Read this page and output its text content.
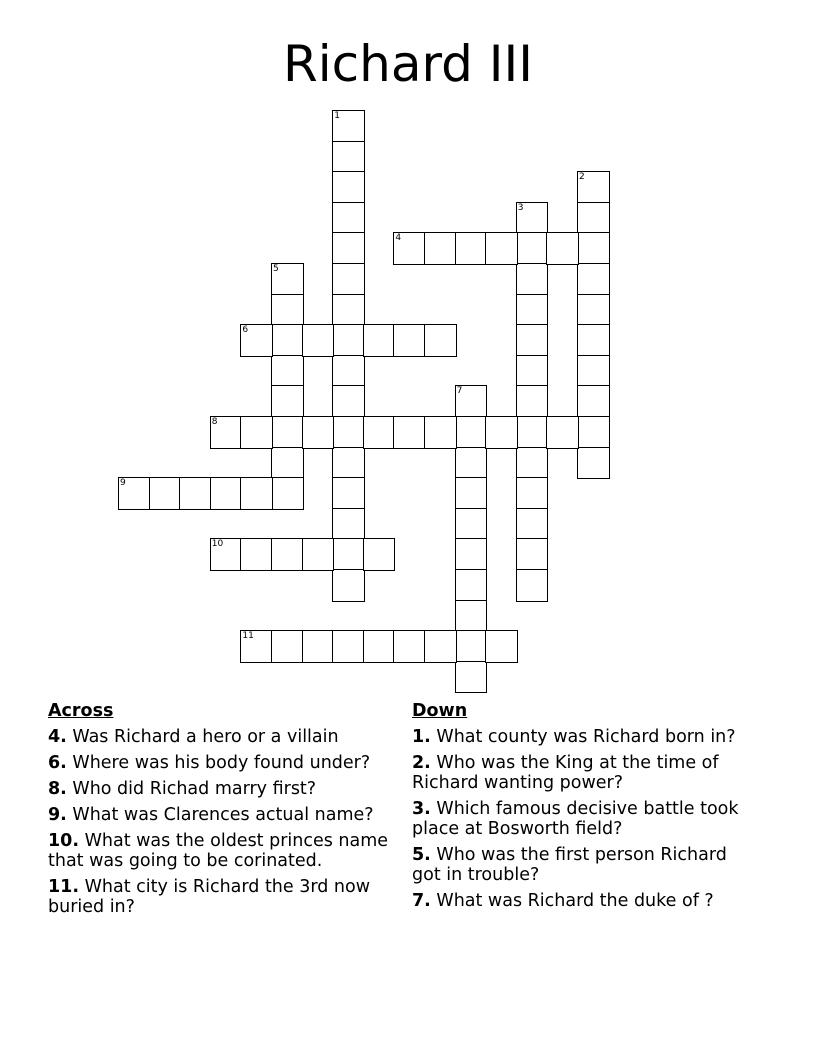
Richard III
1
2
3
4
5
6
7
8
9
10
11
Across
4. Was Richard a hero or a villain
6. Where was his body found under?
8. Who did Richad marry first?
9. What was Clarences actual name?
10. What was the oldest princes name that was going to be corinated.
11. What city is Richard the 3rd now buried in?
Down
1. What county was Richard born in?
2. Who was the King at the time of Richard wanting power?
3. Which famous decisive battle took place at Bosworth field?
5. Who was the first person Richard got in trouble?
7. What was Richard the duke of ?
